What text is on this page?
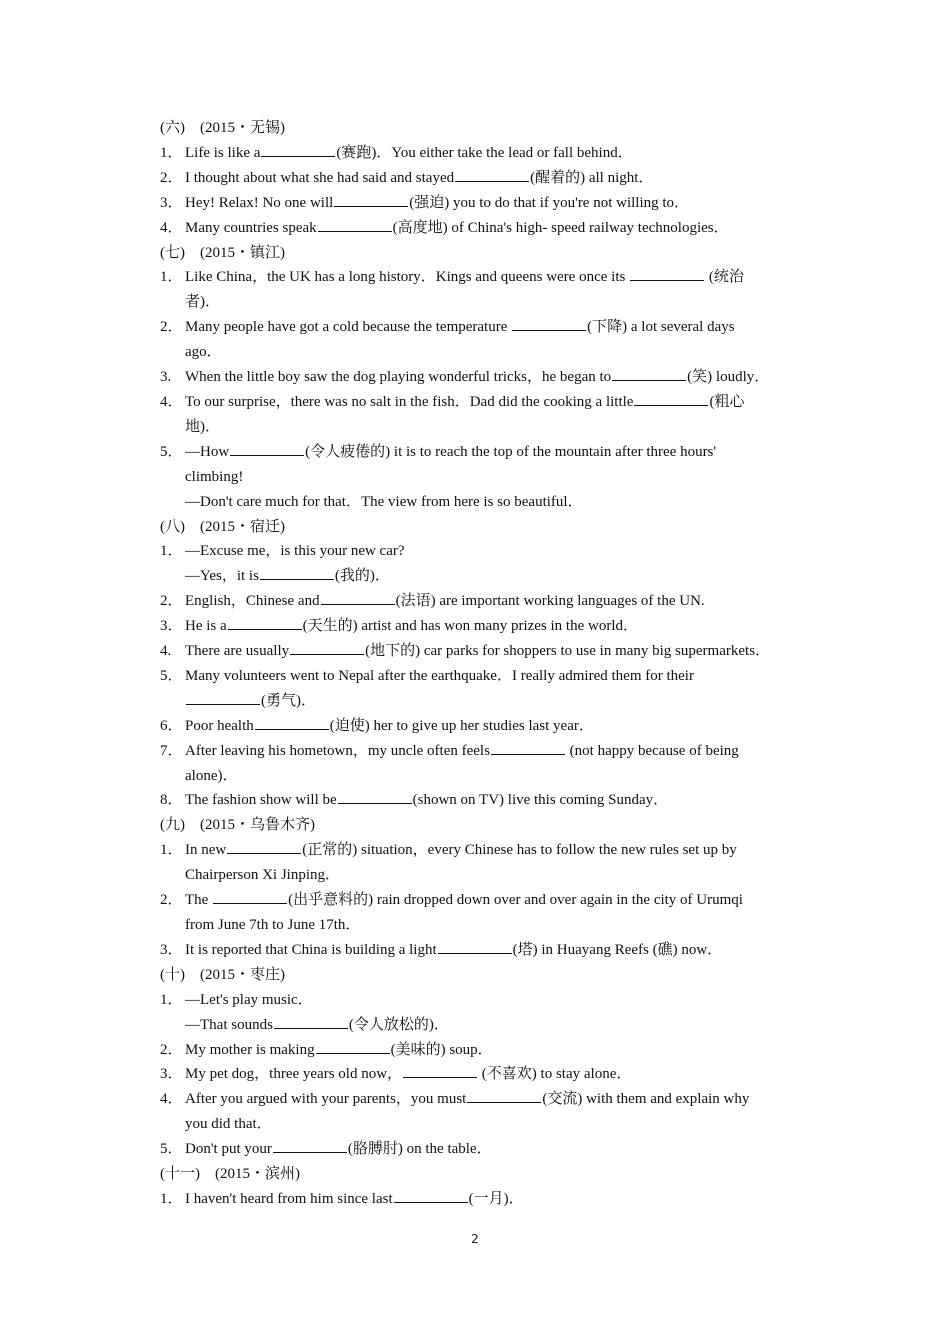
(六)　(2015・无锡)
1． Life is like a	(赛跑)．You either take the lead or fall behind．
2． I thought about what she had said and stayed	(醒着的) all night．
3． Hey! Relax! No one will	(强迫) you to do that if you're not willing to．
4． Many countries speak	(高度地) of China's high- speed railway technologies．
(七)　(2015・镇江)
1． Like China，the UK has a long history．Kings and queens were once its	(统治
者)．
2． Many people have got a cold because the temperature	(下降) a lot several days
ago．
3. When the little boy saw the dog playing wonderful tricks，he began to	(笑) loudly．
4． To our surprise，there was no salt in the fish．Dad did the cooking a little	(粗心
地)．
5． —How	(令人疲倦的) it is to reach the top of the mountain after three hours'
climbing!
—Don't care much for that．The view from here is so beautiful．
(八)　(2015・宿迁)
1． —Excuse me，is this your new car?
—Yes，it is	(我的)．
2． English，Chinese and	(法语) are important working languages of the UN.
3． He is a	(天生的) artist and has won many prizes in the world．
4. There are usually	(地下的) car parks for shoppers to use in many big supermarkets．
5． Many volunteers went to Nepal after the earthquake．I really admired them for their
(勇气)．
6． Poor health	(迫使) her to give up her studies last year．
7． After leaving his hometown，my uncle often feels	(not happy because of being
alone)．
8． The fashion show will be	(shown on TV) live this coming Sunday．
(九)　(2015・乌鲁木齐)
1． In new	(正常的) situation，every Chinese has to follow the new rules set up by
Chairperson Xi Jinping．
2． The	(出乎意料的) rain dropped down over and over again in the city of Urumqi
from June 7th to June 17th．
3． It is reported that China is building a light	(塔) in Huayang Reefs (礁) now．
(十)　(2015・枣庄)
1． —Let's play music．
—That sounds	(令人放松的)．
2． My mother is making	(美味的) soup．
3． My pet dog，three years old now，	(不喜欢) to stay alone．
4． After you argued with your parents，you must	(交流) with them and explain why
you did that．
5． Don't put your	(胳膊肘) on the table．
(十一)　(2015・滨州)
1． I haven't heard from him since last	(一月)．
2
